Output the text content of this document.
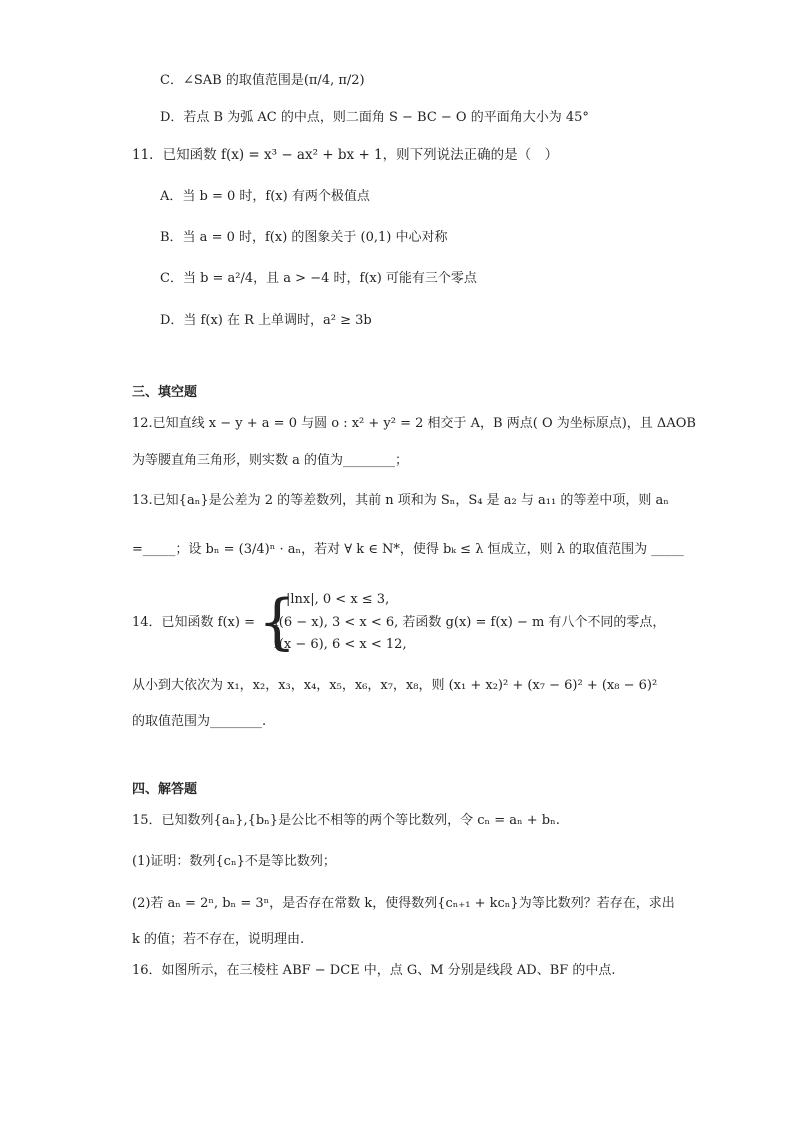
C．∠SAB 的取值范围是(π/4, π/2)
D．若点 B 为弧 AC 的中点，则二面角 S − BC − O 的平面角大小为 45°
11．已知函数 f(x) = x³ − ax² + bx + 1，则下列说法正确的是（　）
A．当 b = 0 时，f(x) 有两个极值点
B．当 a = 0 时，f(x) 的图象关于 (0,1) 中心对称
C．当 b = a²/4，且 a > −4 时，f(x) 可能有三个零点
D．当 f(x) 在 R 上单调时，a² ≥ 3b
三、填空题
12.已知直线 x − y + a = 0 与圆 o : x² + y² = 2 相交于 A，B 两点( O 为坐标原点)，且 ΔAOB
为等腰直角三角形，则实数 a 的值为________；
13.已知{aₙ}是公差为 2 的等差数列，其前 n 项和为 Sₙ，S₄ 是 a₂ 与 a₁₁ 的等差中项，则 aₙ
=_____；设 bₙ = (3/4)ⁿ · aₙ，若对 ∀ k ∈ N*，使得 bₖ ≤ λ 恒成立，则 λ 的取值范围为 _____
14．已知函数 f(x) = {
|lnx|, 0 < x ≤ 3,
f(6 − x), 3 < x < 6, 若函数 g(x) = f(x) − m 有八个不同的零点，
f(x − 6), 6 < x < 12,
从小到大依次为 x₁，x₂，x₃，x₄，x₅，x₆，x₇，x₈，则 (x₁ + x₂)² + (x₇ − 6)² + (x₈ − 6)²
的取值范围为________.
四、解答题
15．已知数列{aₙ},{bₙ}是公比不相等的两个等比数列，令 cₙ = aₙ + bₙ.
(1)证明：数列{cₙ}不是等比数列；
(2)若 aₙ = 2ⁿ, bₙ = 3ⁿ，是否存在常数 k，使得数列{cₙ₊₁ + kcₙ}为等比数列？若存在，求出
k 的值；若不存在，说明理由.
16．如图所示，在三棱柱 ABF − DCE 中，点 G、M 分别是线段 AD、BF 的中点.
